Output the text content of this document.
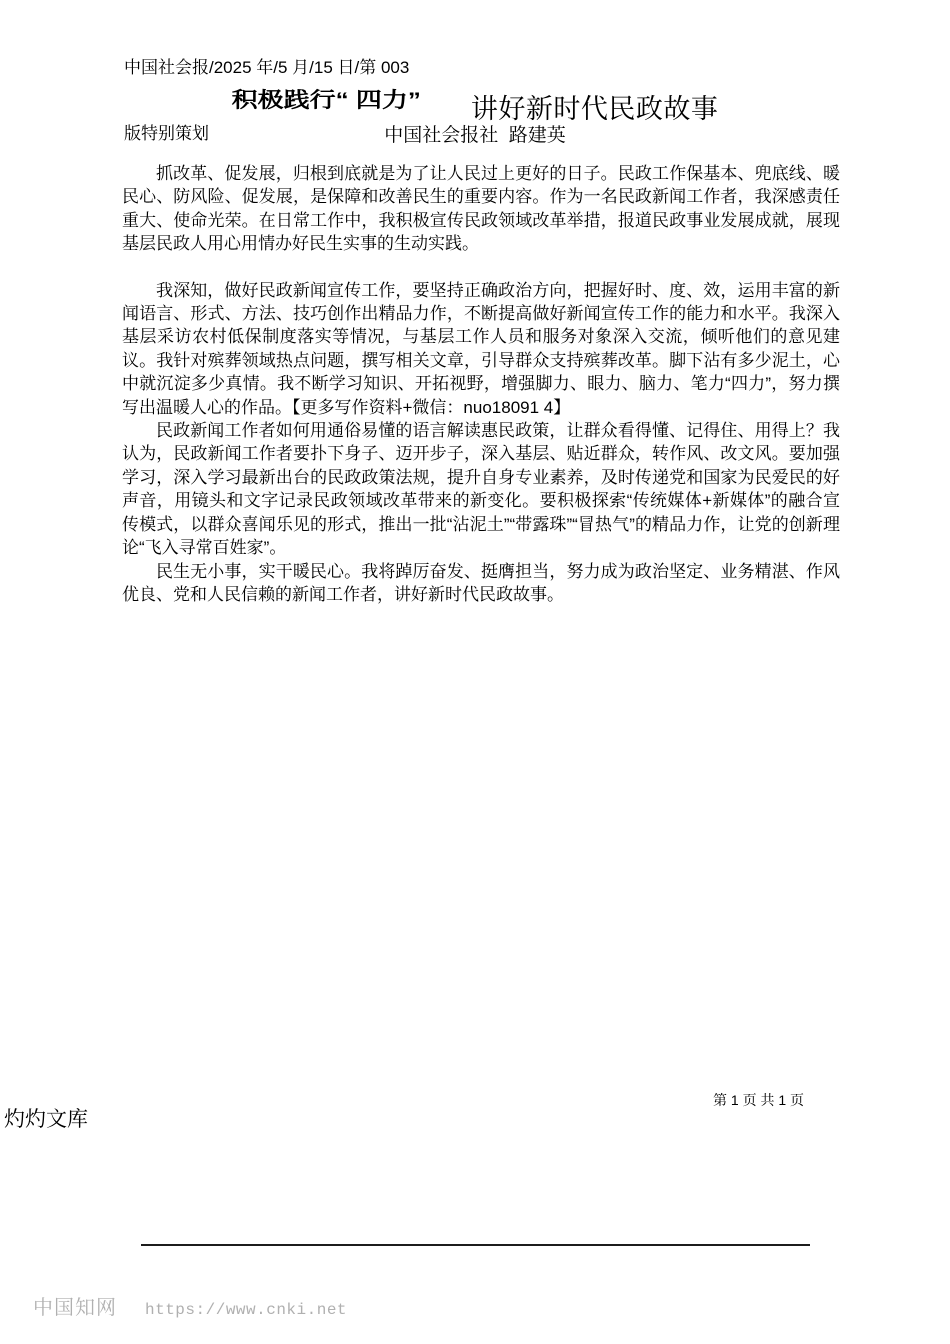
中国社会报/2025 年/5 月/15 日/第 003

版特别策划

积极践行“ 四力” 讲好新时代民政故事
中国社会报社  路建英

抓改革、促发展，归根到底就是为了让人民过上更好的日子。民政工作保基本、兜底线、暖民心、防风险、促发展，是保障和改善民生的重要内容。作为一名民政新闻工作者，我深感责任重大、使命光荣。在日常工作中，我积极宣传民政领域改革举措，报道民政事业发展成就，展现基层民政人用心用情办好民生实事的生动实践。

我深知，做好民政新闻宣传工作，要坚持正确政治方向，把握好时、度、效，运用丰富的新闻语言、形式、方法、技巧创作出精品力作，不断提高做好新闻宣传工作的能力和水平。我深入基层采访农村低保制度落实等情况，与基层工作人员和服务对象深入交流，倾听他们的意见建议。我针对殡葬领域热点问题，撰写相关文章，引导群众支持殡葬改革。脚下沾有多少泥土，心中就沉淀多少真情。我不断学习知识、开拓视野，增强脚力、眼力、脑力、笔力“四力”，努力撰写出温暖人心的作品。【更多写作资料+微信：nuo18091 4】

民政新闻工作者如何用通俗易懂的语言解读惠民政策，让群众看得懂、记得住、用得上？我认为，民政新闻工作者要扑下身子、迈开步子，深入基层、贴近群众，转作风、改文风。要加强学习，深入学习最新出台的民政政策法规，提升自身专业素养，及时传递党和国家为民爱民的好声音，用镜头和文字记录民政领域改革带来的新变化。要积极探索“传统媒体+新媒体”的融合宣传模式，以群众喜闻乐见的形式，推出一批“沾泥土”“带露珠”“冒热气”的精品力作，让党的创新理论“飞入寻常百姓家”。

民生无小事，实干暖民心。我将踔厉奋发、挺膺担当，努力成为政治坚定、业务精湛、作风优良、党和人民信赖的新闻工作者，讲好新时代民政故事。

第 1 页 共 1 页
灼灼文库
中国知网 https://www.cnki.net
